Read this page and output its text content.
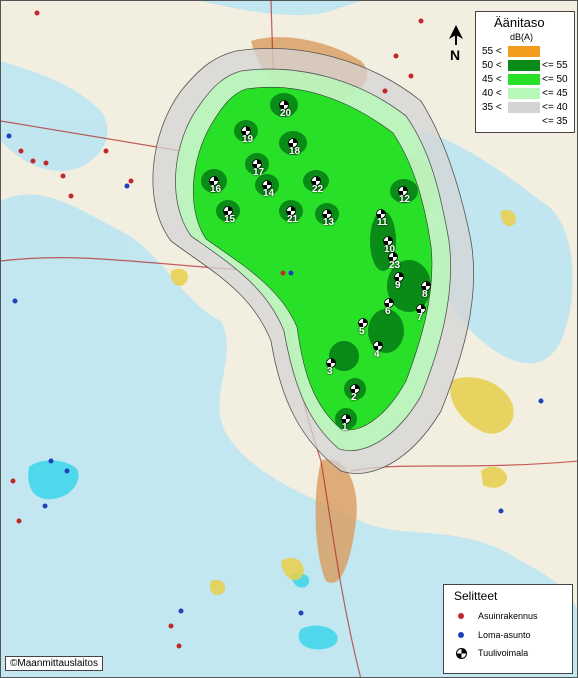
1
2
3
4
5
6
7
8
9
10
11
12
13
14
15
16
17
18
19
20
21
22
23
N
Äänitaso
dB(A)
55 <
50 <	<= 55
45 <	<= 50
40 <	<= 45
35 <	<= 40
<= 35
Selitteet
Asuinrakennus
Loma-asunto
Tuulivoimala
©Maanmittauslaitos
